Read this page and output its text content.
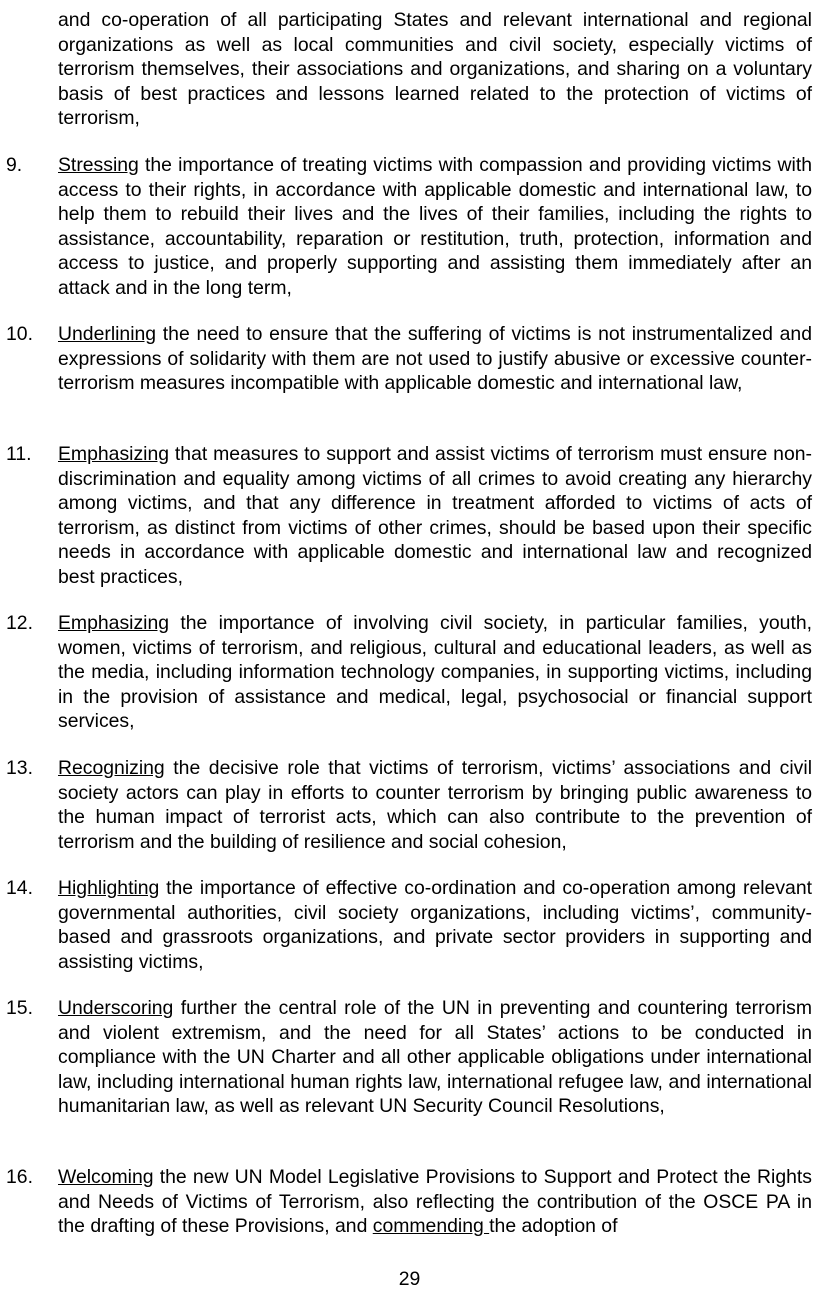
and co-operation of all participating States and relevant international and regional organizations as well as local communities and civil society, especially victims of terrorism themselves, their associations and organizations, and sharing on a voluntary basis of best practices and lessons learned related to the protection of victims of terrorism,
9.	Stressing the importance of treating victims with compassion and providing victims with access to their rights, in accordance with applicable domestic and international law, to help them to rebuild their lives and the lives of their families, including the rights to assistance, accountability, reparation or restitution, truth, protection, information and access to justice, and properly supporting and assisting them immediately after an attack and in the long term,
10.	Underlining the need to ensure that the suffering of victims is not instrumentalized and expressions of solidarity with them are not used to justify abusive or excessive counter-terrorism measures incompatible with applicable domestic and international law,
11.	Emphasizing that measures to support and assist victims of terrorism must ensure non-discrimination and equality among victims of all crimes to avoid creating any hierarchy among victims, and that any difference in treatment afforded to victims of acts of terrorism, as distinct from victims of other crimes, should be based upon their specific needs in accordance with applicable domestic and international law and recognized best practices,
12.	Emphasizing the importance of involving civil society, in particular families, youth, women, victims of terrorism, and religious, cultural and educational leaders, as well as the media, including information technology companies, in supporting victims, including in the provision of assistance and medical, legal, psychosocial or financial support services,
13.	Recognizing the decisive role that victims of terrorism, victims’ associations and civil society actors can play in efforts to counter terrorism by bringing public awareness to the human impact of terrorist acts, which can also contribute to the prevention of terrorism and the building of resilience and social cohesion,
14.	Highlighting the importance of effective co-ordination and co-operation among relevant governmental authorities, civil society organizations, including victims’, community-based and grassroots organizations, and private sector providers in supporting and assisting victims,
15.	Underscoring further the central role of the UN in preventing and countering terrorism and violent extremism, and the need for all States’ actions to be conducted in compliance with the UN Charter and all other applicable obligations under international law, including international human rights law, international refugee law, and international humanitarian law, as well as relevant UN Security Council Resolutions,
16.	Welcoming the new UN Model Legislative Provisions to Support and Protect the Rights and Needs of Victims of Terrorism, also reflecting the contribution of the OSCE PA in the drafting of these Provisions, and commending the adoption of
29
